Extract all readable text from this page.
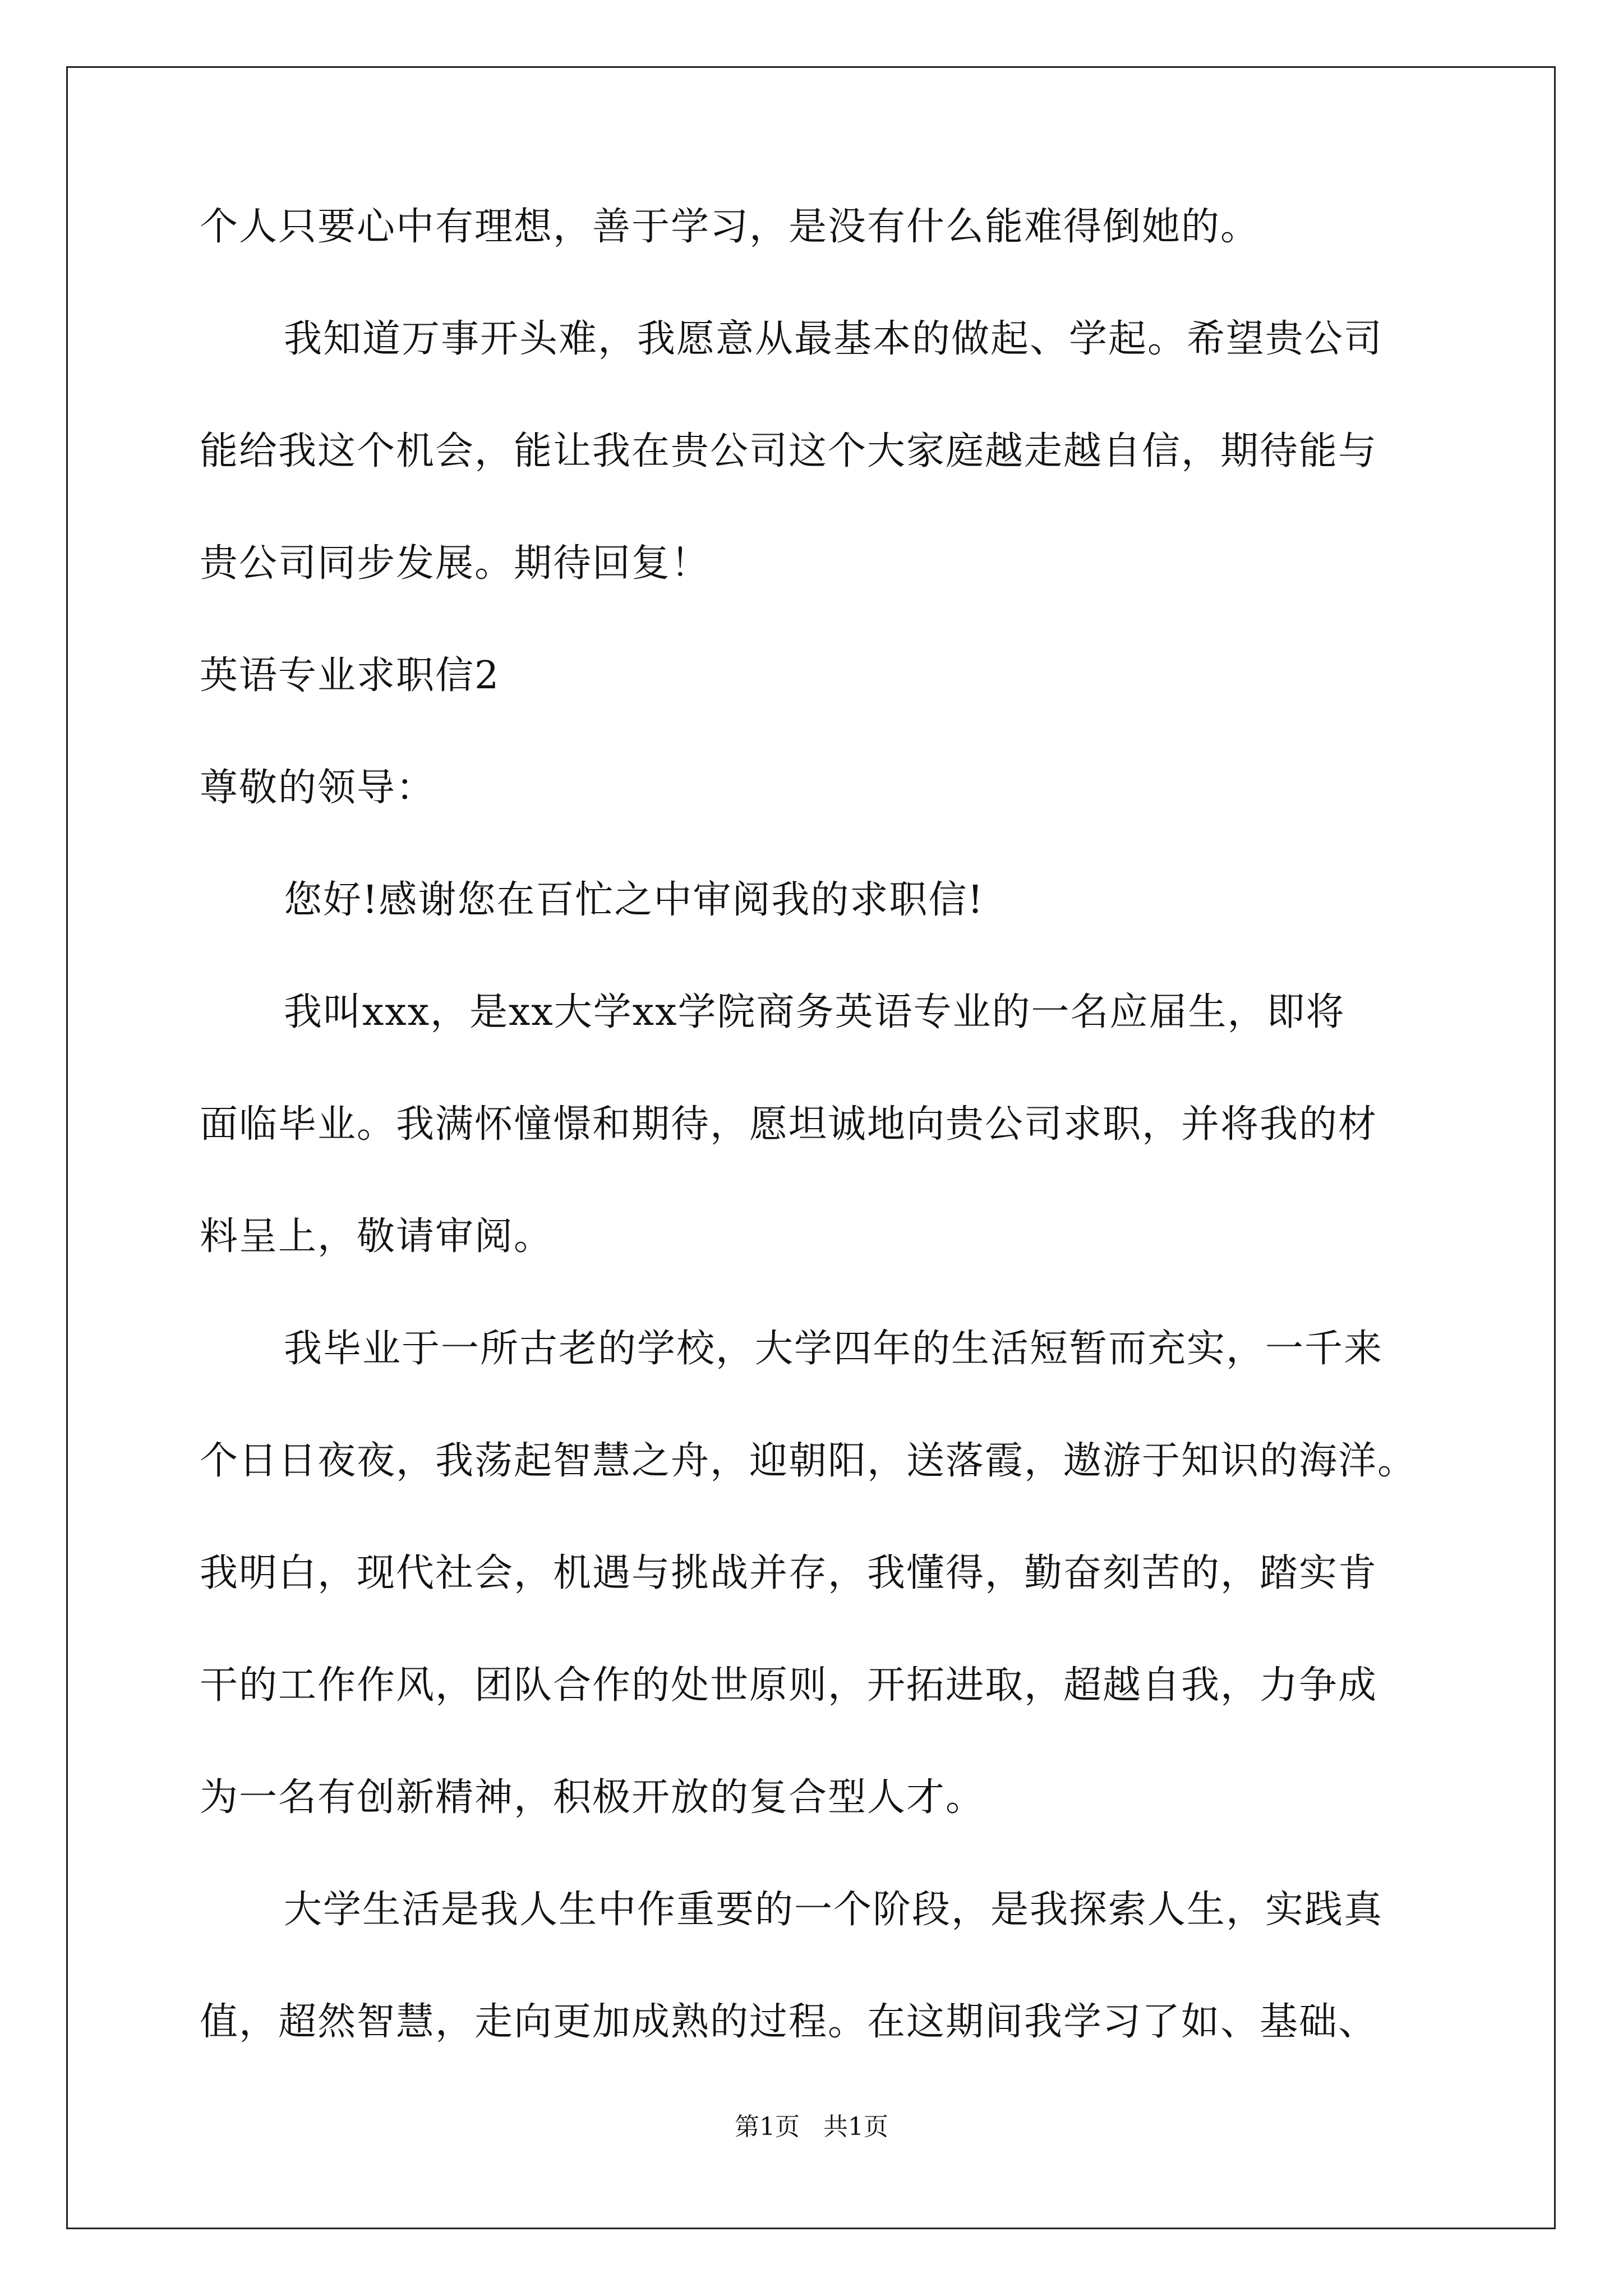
个人只要心中有理想，善于学习，是没有什么能难得倒她的。
我知道万事开头难，我愿意从最基本的做起、学起。希望贵公司
能给我这个机会，能让我在贵公司这个大家庭越走越自信，期待能与
贵公司同步发展。期待回复！
英语专业求职信2
尊敬的领导：
您好!感谢您在百忙之中审阅我的求职信!
我叫xxx，是xx大学xx学院商务英语专业的一名应届生，即将
面临毕业。我满怀憧憬和期待，愿坦诚地向贵公司求职，并将我的材
料呈上，敬请审阅。
我毕业于一所古老的学校，大学四年的生活短暂而充实，一千来
个日日夜夜，我荡起智慧之舟，迎朝阳，送落霞，遨游于知识的海洋。
我明白，现代社会，机遇与挑战并存，我懂得，勤奋刻苦的，踏实肯
干的工作作风，团队合作的处世原则，开拓进取，超越自我，力争成
为一名有创新精神，积极开放的复合型人才。
大学生活是我人生中作重要的一个阶段，是我探索人生，实践真
值，超然智慧，走向更加成熟的过程。在这期间我学习了如、基础、
第1页   共1页
